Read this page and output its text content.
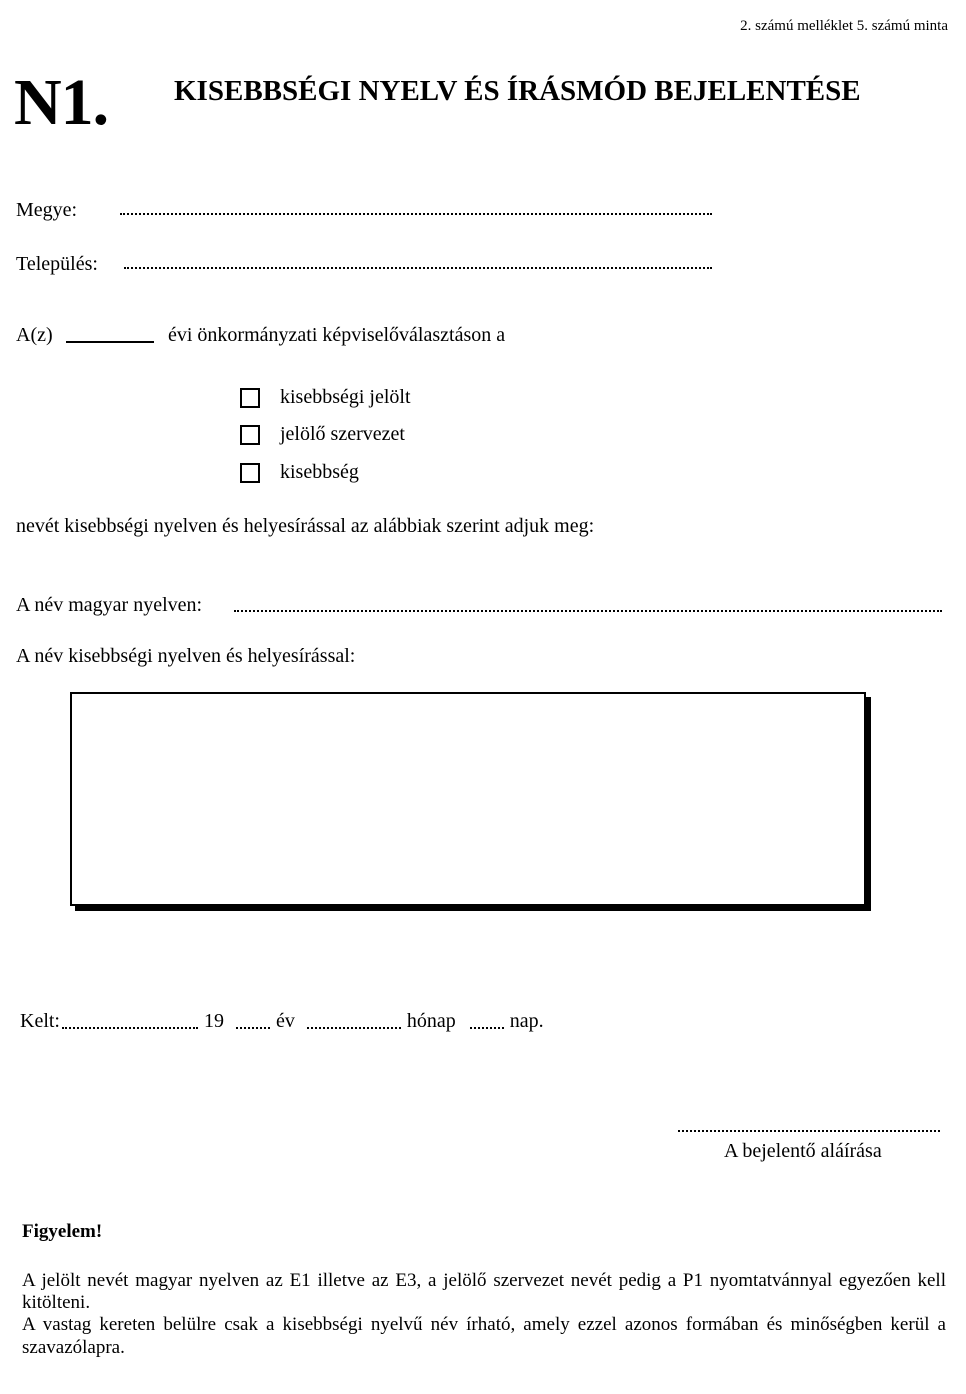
2. számú melléklet 5. számú minta
N1. KISEBBSÉGI NYELV ÉS ÍRÁSMÓD BEJELENTÉSE
Megye:
Település:
A(z)	évi önkormányzati képviselőválasztáson a
kisebbségi jelölt
jelölő szervezet
kisebbség
nevét kisebbségi nyelven és helyesírással az alábbiak szerint adjuk meg:
A név magyar nyelven:
A név kisebbségi nyelven és helyesírással:
Kelt:	19	év	hónap	nap.
A bejelentő aláírása
Figyelem!

A jelölt nevét magyar nyelven az E1 illetve az E3, a jelölő szervezet nevét pedig a P1 nyomtatvánnyal egyezően kell kitölteni.

A vastag kereten belülre csak a kisebbségi nyelvű név írható, amely ezzel azonos formában és minőségben kerül a szavazólapra.
